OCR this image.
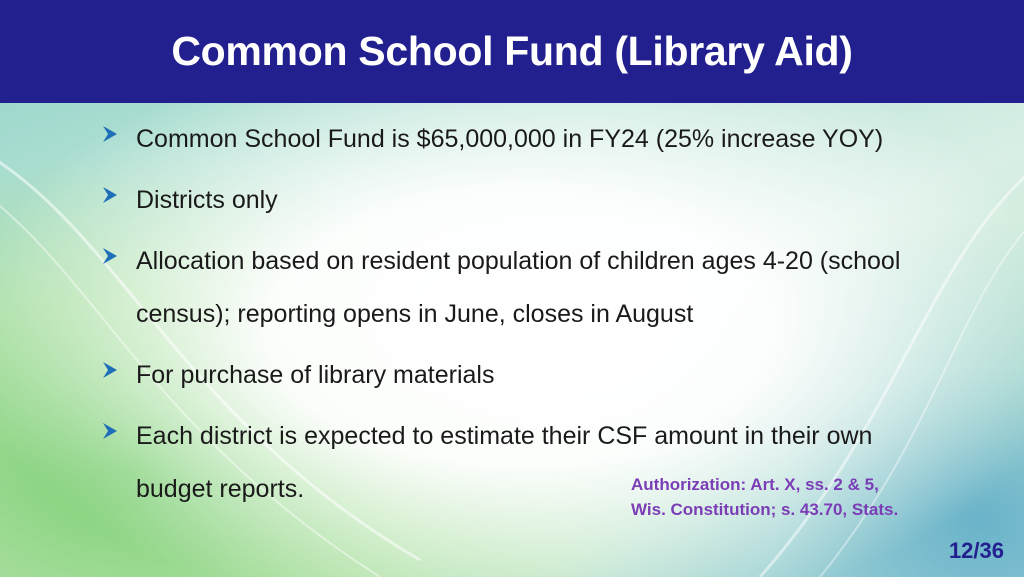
Common School Fund (Library Aid)
Common School Fund is $65,000,000 in FY24 (25% increase YOY)
Districts only
Allocation based on resident population of children ages 4-20 (school census); reporting opens in June, closes in August
For purchase of library materials
Each district is expected to estimate their CSF amount in their own budget reports.	Authorization: Art. X, ss. 2 & 5,
Wis. Constitution; s. 43.70, Stats.
12/36
